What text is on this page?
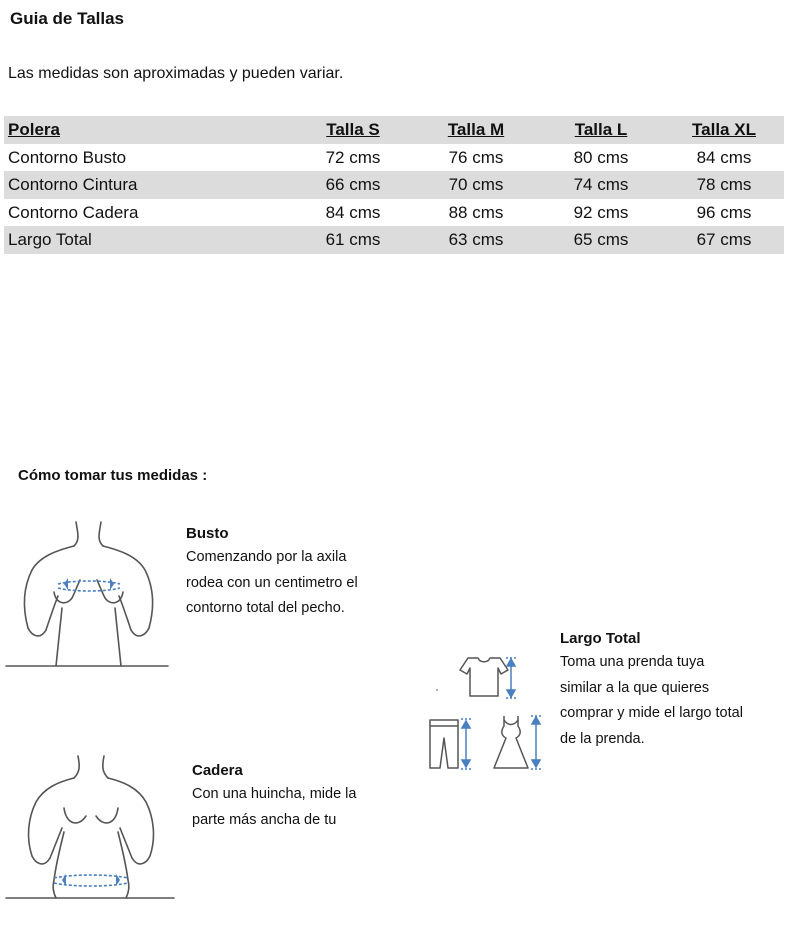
Guia de Tallas
Las medidas son aproximadas y pueden variar.
Polera	Talla S	Talla M	Talla L	Talla XL
Contorno Busto	72 cms	76 cms	80 cms	84 cms
Contorno Cintura	66 cms	70 cms	74 cms	78 cms
Contorno Cadera	84 cms	88 cms	92 cms	96 cms
Largo Total	61 cms	63 cms	65 cms	67 cms
Cómo tomar tus medidas :
Busto
Comenzando por la axila
rodea con un centimetro el
contorno total del pecho.
Largo Total
Toma una prenda tuya
similar a la que quieres
comprar y mide el largo total
de la prenda.
Cadera
Con una huincha, mide la
parte más ancha de tu
